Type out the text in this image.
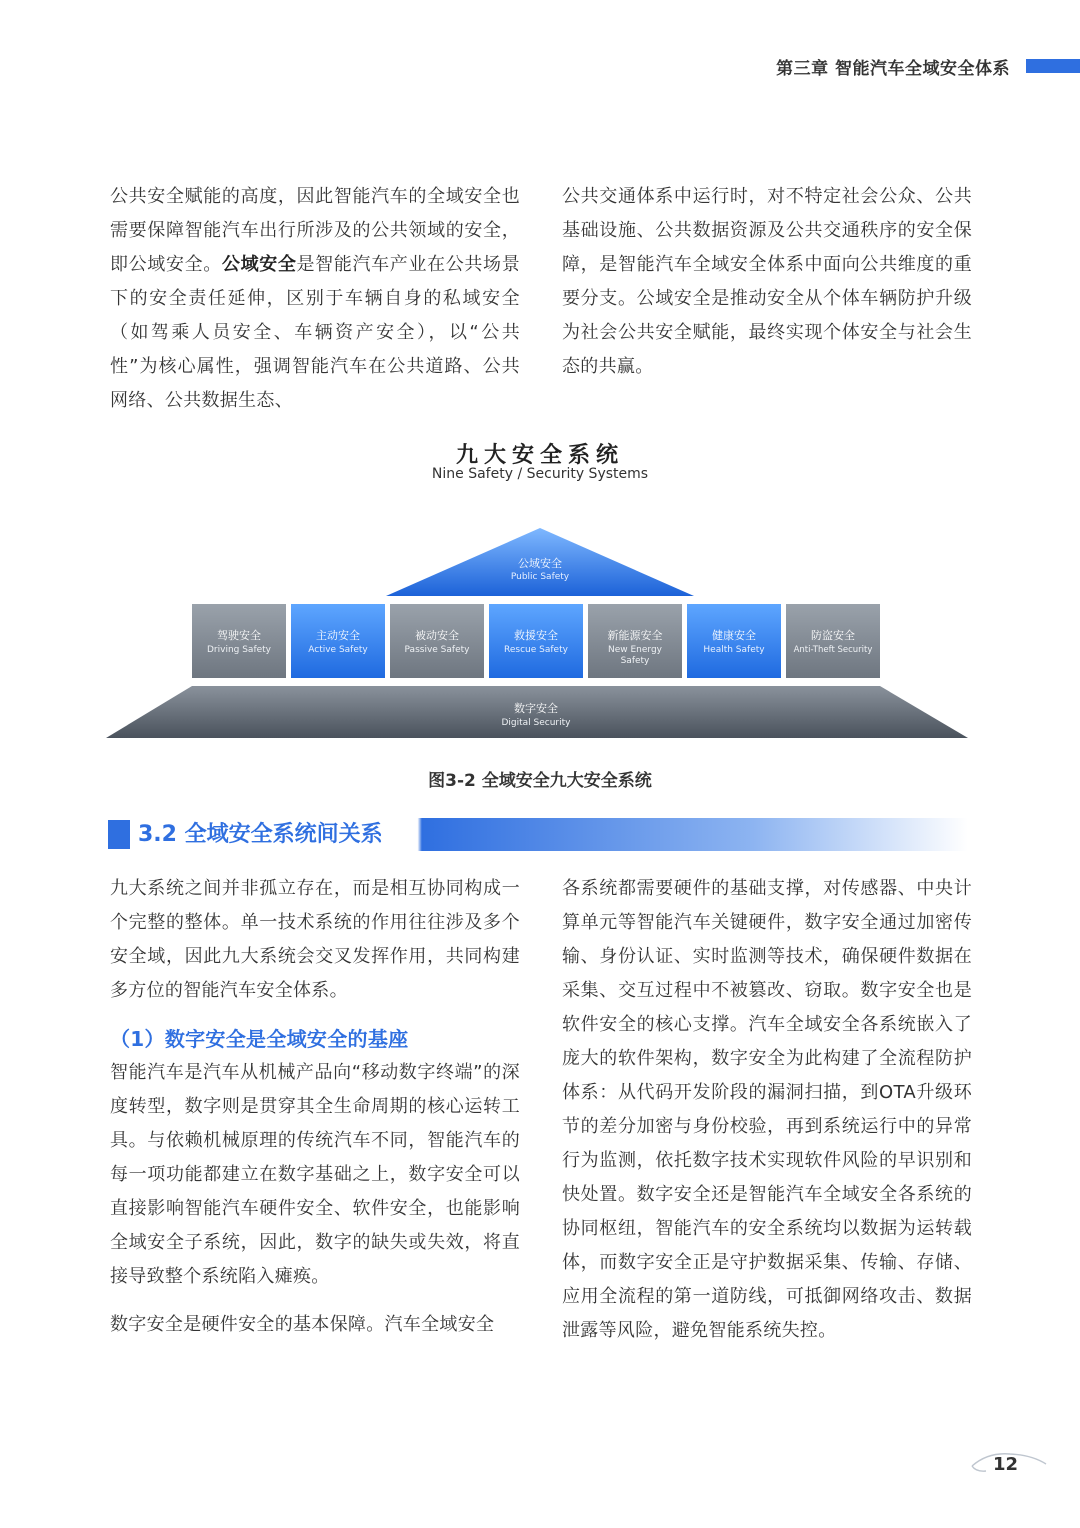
第三章 智能汽车全域安全体系

公共安全赋能的高度，因此智能汽车的全域安全也需要保障智能汽车出行所涉及的公共领域的安全，即公域安全。公域安全是智能汽车产业在公共场景下的安全责任延伸，区别于车辆自身的私域安全（如驾乘人员安全、车辆资产安全），以“公共性”为核心属性，强调智能汽车在公共道路、公共网络、公共数据生态、

公共交通体系中运行时，对不特定社会公众、公共基础设施、公共数据资源及公共交通秩序的安全保障，是智能汽车全域安全体系中面向公共维度的重要分支。公域安全是推动安全从个体车辆防护升级为社会公共安全赋能，最终实现个体安全与社会生态的共赢。

九大安全系统
Nine Safety / Security Systems
公域安全
Public Safety
驾驶安全
Driving Safety
主动安全
Active Safety
被动安全
Passive Safety
救援安全
Rescue Safety
新能源安全
New Energy
Safety
健康安全
Health Safety
防盗安全
Anti-Theft Security
数字安全
Digital Security
图3-2 全域安全九大安全系统
3.2 全域安全系统间关系

九大系统之间并非孤立存在，而是相互协同构成一个完整的整体。单一技术系统的作用往往涉及多个安全域，因此九大系统会交叉发挥作用，共同构建多方位的智能汽车安全体系。

（1）数字安全是全域安全的基座

智能汽车是汽车从机械产品向“移动数字终端”的深度转型，数字则是贯穿其全生命周期的核心运转工具。与依赖机械原理的传统汽车不同，智能汽车的每一项功能都建立在数字基础之上，数字安全可以直接影响智能汽车硬件安全、软件安全，也能影响全域安全子系统，因此，数字的缺失或失效，将直接导致整个系统陷入瘫痪。

数字安全是硬件安全的基本保障。汽车全域安全

各系统都需要硬件的基础支撑，对传感器、中央计算单元等智能汽车关键硬件，数字安全通过加密传输、身份认证、实时监测等技术，确保硬件数据在采集、交互过程中不被篡改、窃取。数字安全也是软件安全的核心支撑。汽车全域安全各系统嵌入了庞大的软件架构，数字安全为此构建了全流程防护体系：从代码开发阶段的漏洞扫描，到OTA升级环节的差分加密与身份校验，再到系统运行中的异常行为监测，依托数字技术实现软件风险的早识别和快处置。数字安全还是智能汽车全域安全各系统的协同枢纽，智能汽车的安全系统均以数据为运转载体，而数字安全正是守护数据采集、传输、存储、应用全流程的第一道防线，可抵御网络攻击、数据泄露等风险，避免智能系统失控。

12
